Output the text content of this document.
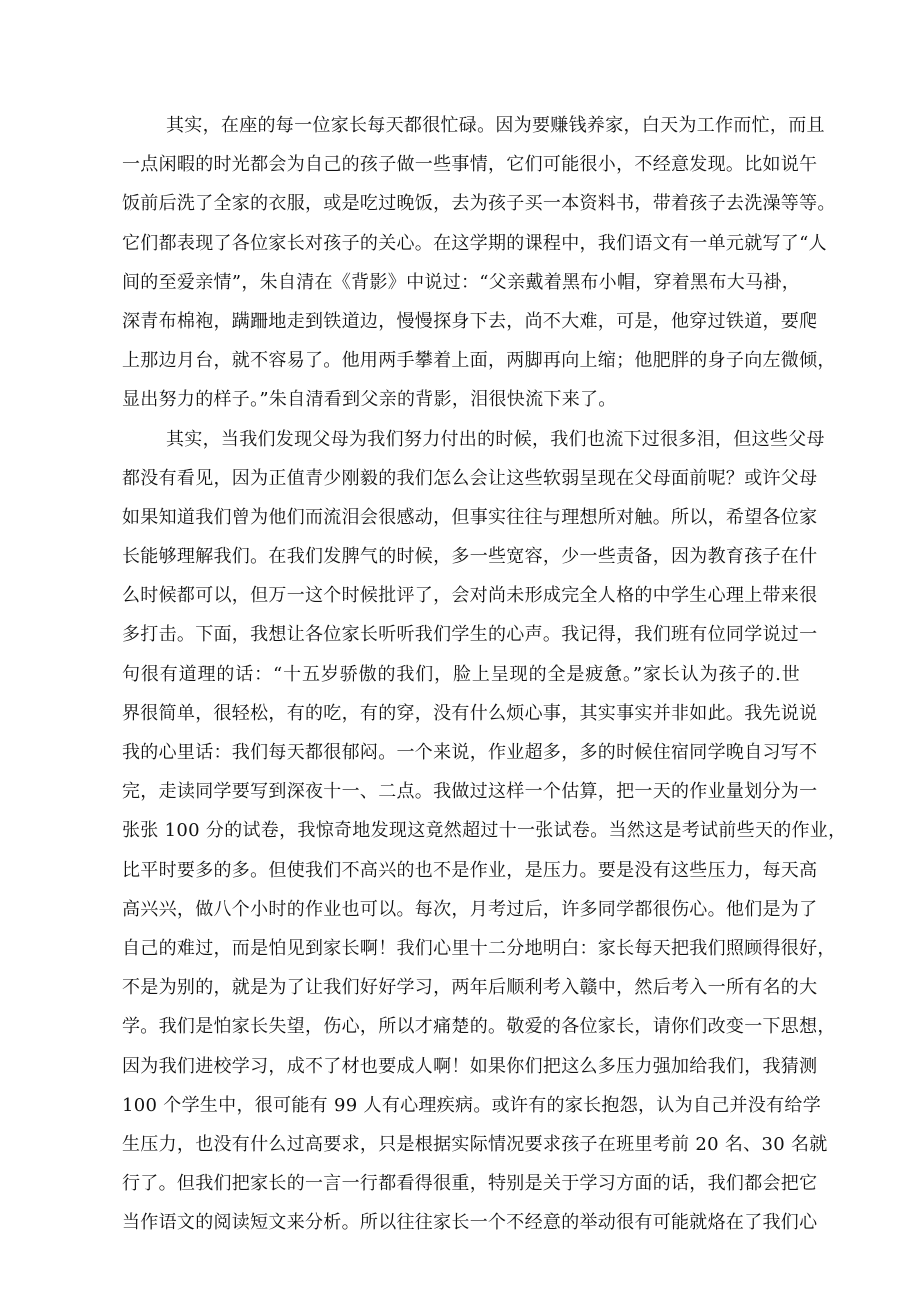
其实，在座的每一位家长每天都很忙碌。因为要赚钱养家，白天为工作而忙，而且
一点闲暇的时光都会为自己的孩子做一些事情，它们可能很小，不经意发现。比如说午
饭前后洗了全家的衣服，或是吃过晚饭，去为孩子买一本资料书，带着孩子去洗澡等等。
它们都表现了各位家长对孩子的关心。在这学期的课程中，我们语文有一单元就写了“人
间的至爱亲情”，朱自清在《背影》中说过：“父亲戴着黑布小帽，穿着黑布大马褂，
深青布棉袍，蹒跚地走到铁道边，慢慢探身下去，尚不大难，可是，他穿过铁道，要爬
上那边月台，就不容易了。他用两手攀着上面，两脚再向上缩；他肥胖的身子向左微倾，
显出努力的样子。”朱自清看到父亲的背影，泪很快流下来了。
其实，当我们发现父母为我们努力付出的时候，我们也流下过很多泪，但这些父母
都没有看见，因为正值青少刚毅的我们怎么会让这些软弱呈现在父母面前呢？或许父母
如果知道我们曾为他们而流泪会很感动，但事实往往与理想所对触。所以，希望各位家
长能够理解我们。在我们发脾气的时候，多一些宽容，少一些责备，因为教育孩子在什
么时候都可以，但万一这个时候批评了，会对尚未形成完全人格的中学生心理上带来很
多打击。下面，我想让各位家长听听我们学生的心声。我记得，我们班有位同学说过一
句很有道理的话：“十五岁骄傲的我们，脸上呈现的全是疲惫。”家长认为孩子的.世
界很简单，很轻松，有的吃，有的穿，没有什么烦心事，其实事实并非如此。我先说说
我的心里话：我们每天都很郁闷。一个来说，作业超多，多的时候住宿同学晚自习写不
完，走读同学要写到深夜十一、二点。我做过这样一个估算，把一天的作业量划分为一
张张 100 分的试卷，我惊奇地发现这竟然超过十一张试卷。当然这是考试前些天的作业，
比平时要多的多。但使我们不高兴的也不是作业，是压力。要是没有这些压力，每天高
高兴兴，做八个小时的作业也可以。每次，月考过后，许多同学都很伤心。他们是为了
自己的难过，而是怕见到家长啊！我们心里十二分地明白：家长每天把我们照顾得很好，
不是为别的，就是为了让我们好好学习，两年后顺利考入赣中，然后考入一所有名的大
学。我们是怕家长失望，伤心，所以才痛楚的。敬爱的各位家长，请你们改变一下思想，
因为我们进校学习，成不了材也要成人啊！如果你们把这么多压力强加给我们，我猜测
100 个学生中，很可能有 99 人有心理疾病。或许有的家长抱怨，认为自己并没有给学
生压力，也没有什么过高要求，只是根据实际情况要求孩子在班里考前 20 名、30 名就
行了。但我们把家长的一言一行都看得很重，特别是关于学习方面的话，我们都会把它
当作语文的阅读短文来分析。所以往往家长一个不经意的举动很有可能就烙在了我们心
